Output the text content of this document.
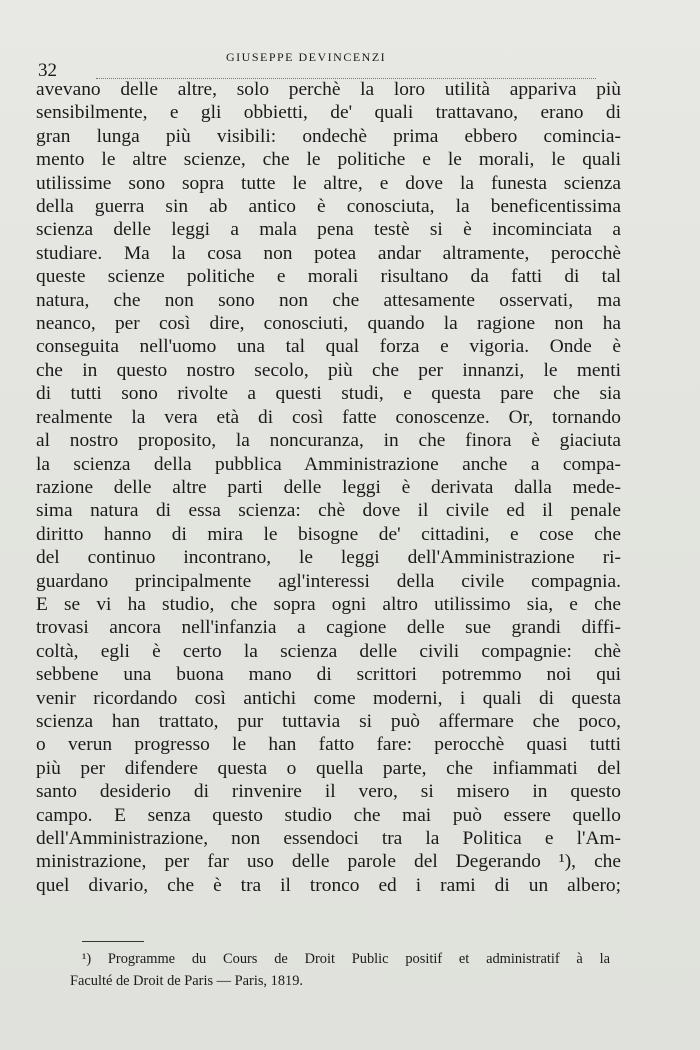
32
GIUSEPPE DEVINCENZI
avevano delle altre, solo perchè la loro utilità appariva più
sensibilmente, e gli obbietti, de' quali trattavano, erano di
gran lunga più visibili: ondechè prima ebbero comincia-
mento le altre scienze, che le politiche e le morali, le quali
utilissime sono sopra tutte le altre, e dove la funesta scienza
della guerra sin ab antico è conosciuta, la beneficentissima
scienza delle leggi a mala pena testè si è incominciata a
studiare. Ma la cosa non potea andar altramente, perocchè
queste scienze politiche e morali risultano da fatti di tal
natura, che non sono non che attesamente osservati, ma
neanco, per così dire, conosciuti, quando la ragione non ha
conseguita nell'uomo una tal qual forza e vigoria. Onde è
che in questo nostro secolo, più che per innanzi, le menti
di tutti sono rivolte a questi studi, e questa pare che sia
realmente la vera età di così fatte conoscenze. Or, tornando
al nostro proposito, la noncuranza, in che finora è giaciuta
la scienza della pubblica Amministrazione anche a compa-
razione delle altre parti delle leggi è derivata dalla mede-
sima natura di essa scienza: chè dove il civile ed il penale
diritto hanno di mira le bisogne de' cittadini, e cose che
del continuo incontrano, le leggi dell'Amministrazione ri-
guardano principalmente agl'interessi della civile compagnia.
E se vi ha studio, che sopra ogni altro utilissimo sia, e che
trovasi ancora nell'infanzia a cagione delle sue grandi diffi-
coltà, egli è certo la scienza delle civili compagnie: chè
sebbene una buona mano di scrittori potremmo noi qui
venir ricordando così antichi come moderni, i quali di questa
scienza han trattato, pur tuttavia si può affermare che poco,
o verun progresso le han fatto fare: perocchè quasi tutti
più per difendere questa o quella parte, che infiammati del
santo desiderio di rinvenire il vero, si misero in questo
campo. E senza questo studio che mai può essere quello
dell'Amministrazione, non essendoci tra la Politica e l'Am-
ministrazione, per far uso delle parole del Degerando ¹), che
quel divario, che è tra il tronco ed i rami di un albero;
¹) Programme du Cours de Droit Public positif et administratif à la
Faculté de Droit de Paris — Paris, 1819.
